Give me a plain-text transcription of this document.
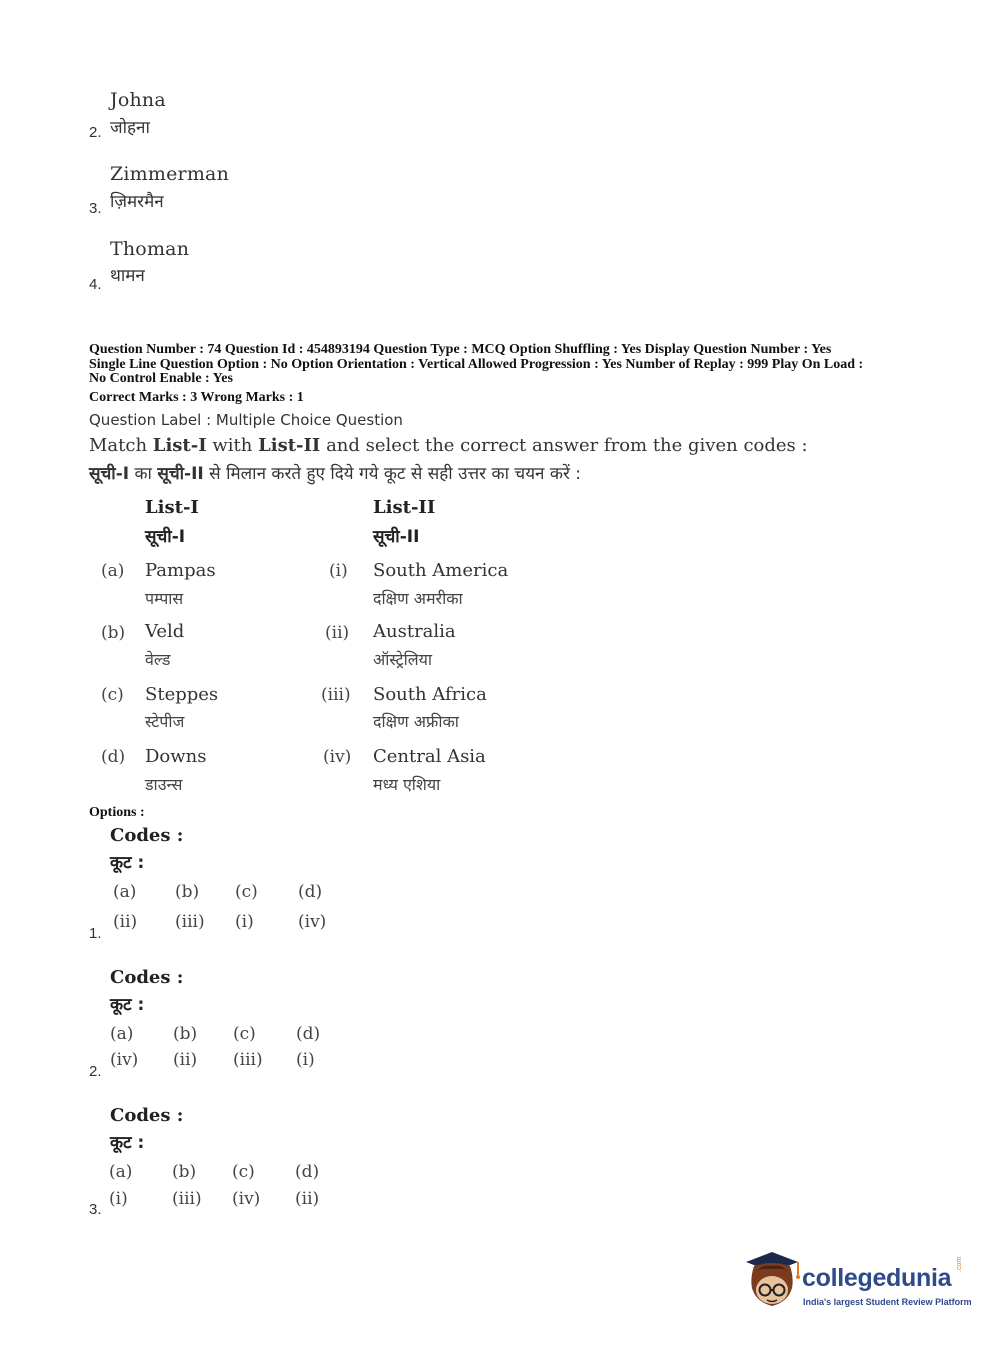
Johna
जोहना
2.
Zimmerman
ज़िमरमैन
3.
Thoman
थामन
4.
Question Number : 74 Question Id : 454893194 Question Type : MCQ Option Shuffling : Yes Display Question Number : Yes
Single Line Question Option : No Option Orientation : Vertical Allowed Progression : Yes Number of Replay : 999 Play On Load :
No Control Enable : Yes
Correct Marks : 3 Wrong Marks : 1
Question Label : Multiple Choice Question
Match List-I with List-II and select the correct answer from the given codes :
सूची-I का सूची-II से मिलान करते हुए दिये गये कूट से सही उत्तर का चयन करें :
List-I
सूची-I
List-II
सूची-II
(a) Pampas
पम्पास
(i) South America
दक्षिण अमरीका
(b) Veld
वेल्ड
(ii) Australia
ऑस्ट्रेलिया
(c) Steppes
स्टेपीज
(iii) South Africa
दक्षिण अफ्रीका
(d) Downs
डाउन्स
(iv) Central Asia
मध्य एशिया
Options :
Codes :
कूट :
(a) (b) (c) (d)
(ii) (iii) (i)	(iv)
1.
Codes :
कूट :
(a) (b) (c) (d)
(iv) (ii) (iii) (i)
2.
Codes :
कूट :
(a) (b) (c) (d)
(i)	(iii) (iv) (ii)
3.
collegedunia .com
India's largest Student Review Platform
